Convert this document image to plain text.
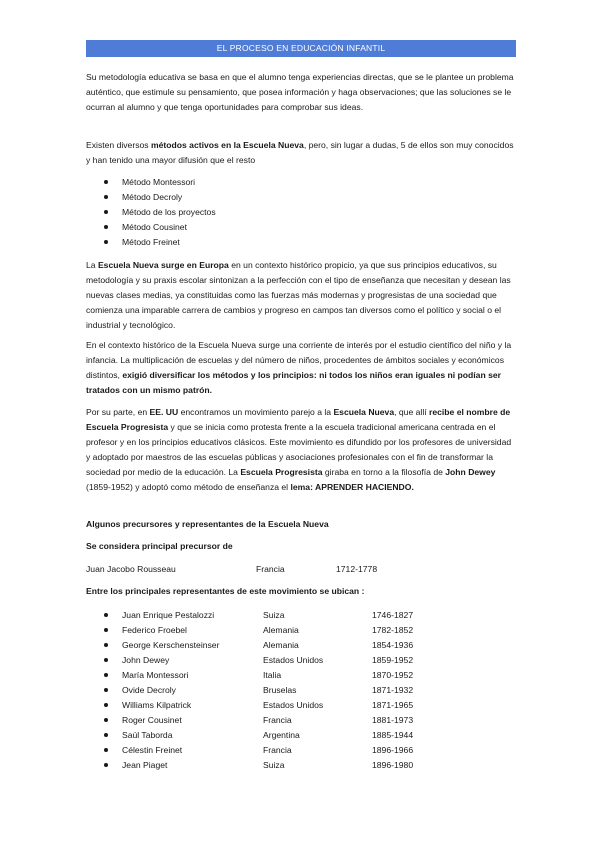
EL PROCESO EN EDUCACIÓN INFANTIL

Su metodología educativa se basa en que el alumno tenga experiencias directas, que se le plantee un problema auténtico, que estimule su pensamiento, que posea información y haga observaciones; que las soluciones se le ocurran al alumno y que tenga oportunidades para comprobar sus ideas.

Existen diversos métodos activos en la Escuela Nueva, pero, sin lugar a dudas, 5 de ellos son muy conocidos y han tenido una mayor difusión que el resto

Método Montessori
Método Decroly
Método de los proyectos
Método Cousinet
Método Freinet

La Escuela Nueva surge en Europa en un contexto histórico propicio, ya que sus principios educativos, su metodología y su praxis escolar sintonizan a la perfección con el tipo de enseñanza que necesitan y desean las nuevas clases medias, ya constituidas como las fuerzas más modernas y progresistas de una sociedad que comienza una imparable carrera de cambios y progreso en campos tan diversos como el político y social o el industrial y tecnológico.

En el contexto histórico de la Escuela Nueva surge una corriente de interés por el estudio científico del niño y la infancia. La multiplicación de escuelas y del número de niños, procedentes de ámbitos sociales y económicos distintos, exigió diversificar los métodos y los principios: ni todos los niños eran iguales ni podían ser tratados con un mismo patrón.

Por su parte, en EE. UU encontramos un movimiento parejo a la Escuela Nueva, que allí recibe el nombre de Escuela Progresista y que se inicia como protesta frente a la escuela tradicional americana centrada en el profesor y en los principios educativos clásicos. Este movimiento es difundido por los profesores de universidad y adoptado por maestros de las escuelas públicas y asociaciones profesionales con el fin de transformar la sociedad por medio de la educación. La Escuela Progresista giraba en torno a la filosofía de John Dewey (1859-1952) y adoptó como método de enseñanza el lema: APRENDER HACIENDO.

Algunos precursores y representantes de la Escuela Nueva
Se considera principal precursor de
Juan Jacobo Rousseau	Francia	1712-1778
Entre los principales representantes de este movimiento se ubican :
Juan Enrique Pestalozzi	Suiza	1746-1827
Federico Froebel	Alemania	1782-1852
George Kerschensteinser	Alemania	1854-1936
John Dewey	Estados Unidos	1859-1952
María Montessori	Italia	1870-1952
Ovide Decroly	Bruselas	1871-1932
Williams Kilpatrick	Estados Unidos	1871-1965
Roger Cousinet	Francia	1881-1973
Saúl Taborda	Argentina	1885-1944
Célestin Freinet	Francia	1896-1966
Jean Piaget	Suiza	1896-1980
